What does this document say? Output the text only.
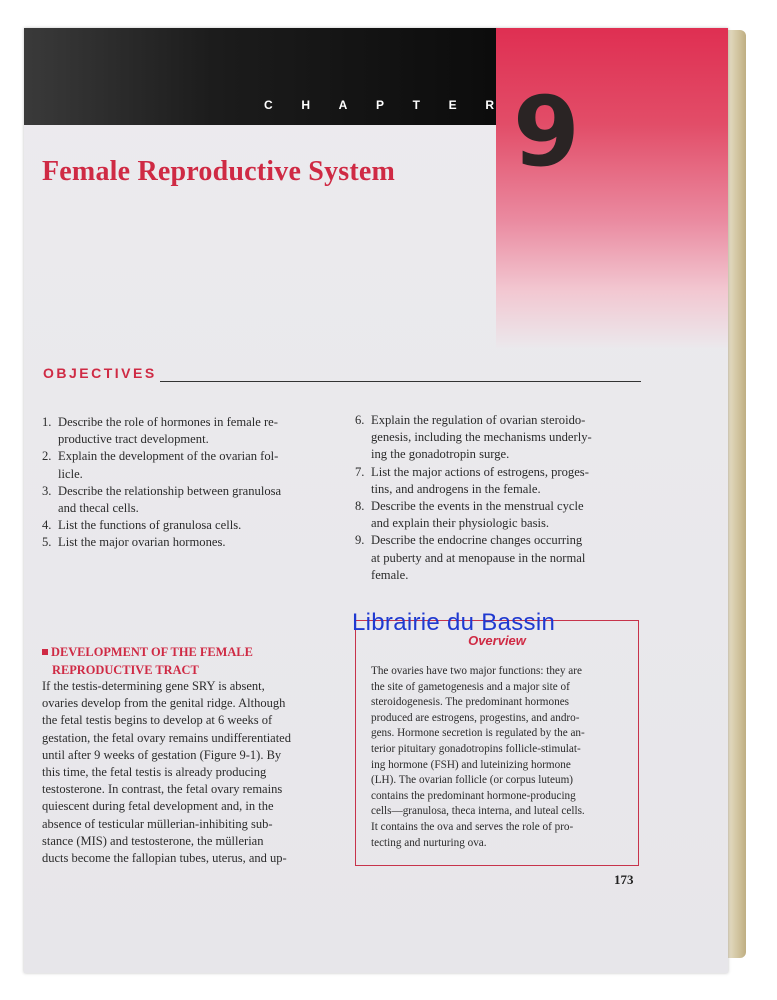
C H A P T E R 9
Female Reproductive System
OBJECTIVES
1. Describe the role of hormones in female re-
productive tract development.
2. Explain the development of the ovarian fol-
licle.
3. Describe the relationship between granulosa
and thecal cells.
4. List the functions of granulosa cells.
5. List the major ovarian hormones.
6. Explain the regulation of ovarian steroido-
genesis, including the mechanisms underly-
ing the gonadotropin surge.
7. List the major actions of estrogens, proges-
tins, and androgens in the female.
8. Describe the events in the menstrual cycle
and explain their physiologic basis.
9. Describe the endocrine changes occurring
at puberty and at menopause in the normal
female.
DEVELOPMENT OF THE FEMALE
REPRODUCTIVE TRACT
If the testis-determining gene SRY is absent,
ovaries develop from the genital ridge. Although
the fetal testis begins to develop at 6 weeks of
gestation, the fetal ovary remains undifferentiated
until after 9 weeks of gestation (Figure 9-1). By
this time, the fetal testis is already producing
testosterone. In contrast, the fetal ovary remains
quiescent during fetal development and, in the
absence of testicular müllerian-inhibiting sub-
stance (MIS) and testosterone, the müllerian
ducts become the fallopian tubes, uterus, and up-
Overview
The ovaries have two major functions: they are
the site of gametogenesis and a major site of
steroidogenesis. The predominant hormones
produced are estrogens, progestins, and andro-
gens. Hormone secretion is regulated by the an-
terior pituitary gonadotropins follicle-stimulat-
ing hormone (FSH) and luteinizing hormone
(LH). The ovarian follicle (or corpus luteum)
contains the predominant hormone-producing
cells—granulosa, theca interna, and luteal cells.
It contains the ova and serves the role of pro-
tecting and nurturing ova.
173
Librairie du Bassin
